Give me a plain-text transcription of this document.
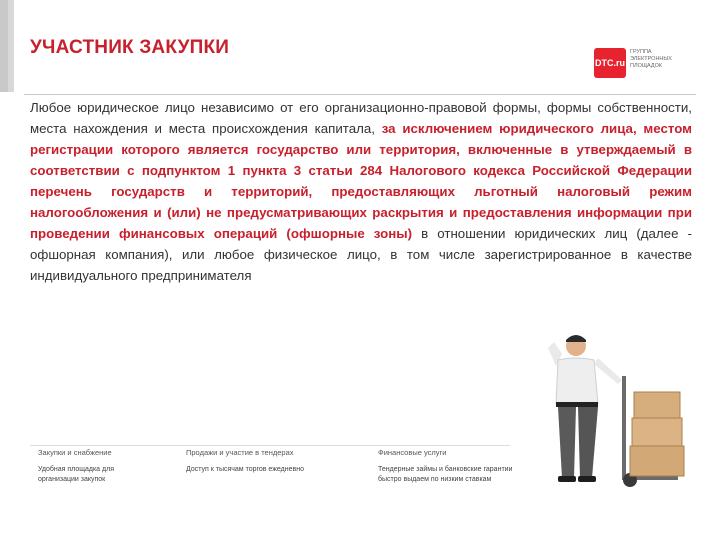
УЧАСТНИК ЗАКУПКИ
DTC.ru
ГРУППА
ЭЛЕКТРОННЫХ
ПЛОЩАДОК
Любое юридическое лицо независимо от его организационно-правовой формы, формы собственности, места нахождения и места происхождения капитала, за исключением юридического лица, местом регистрации которого является государство или территория, включенные в утверждаемый в соответствии с подпунктом 1 пункта 3 статьи 284 Налогового кодекса Российской Федерации перечень государств и территорий, предоставляющих льготный налоговый режим налогообложения и (или) не предусматривающих раскрытия и предоставления информации при проведении финансовых операций (офшорные зоны) в отношении юридических лиц (далее - офшорная компания), или любое физическое лицо, в том числе зарегистрированное в качестве индивидуального предпринимателя
Закупки и снабжение
Удобная площадка для
организации закупок
Продажи и участие в тендерах
Доступ к тысячам торгов ежедневно
Финансовые услуги
Тендерные займы и банковские гарантии
быстро выдаем по низким ставкам
